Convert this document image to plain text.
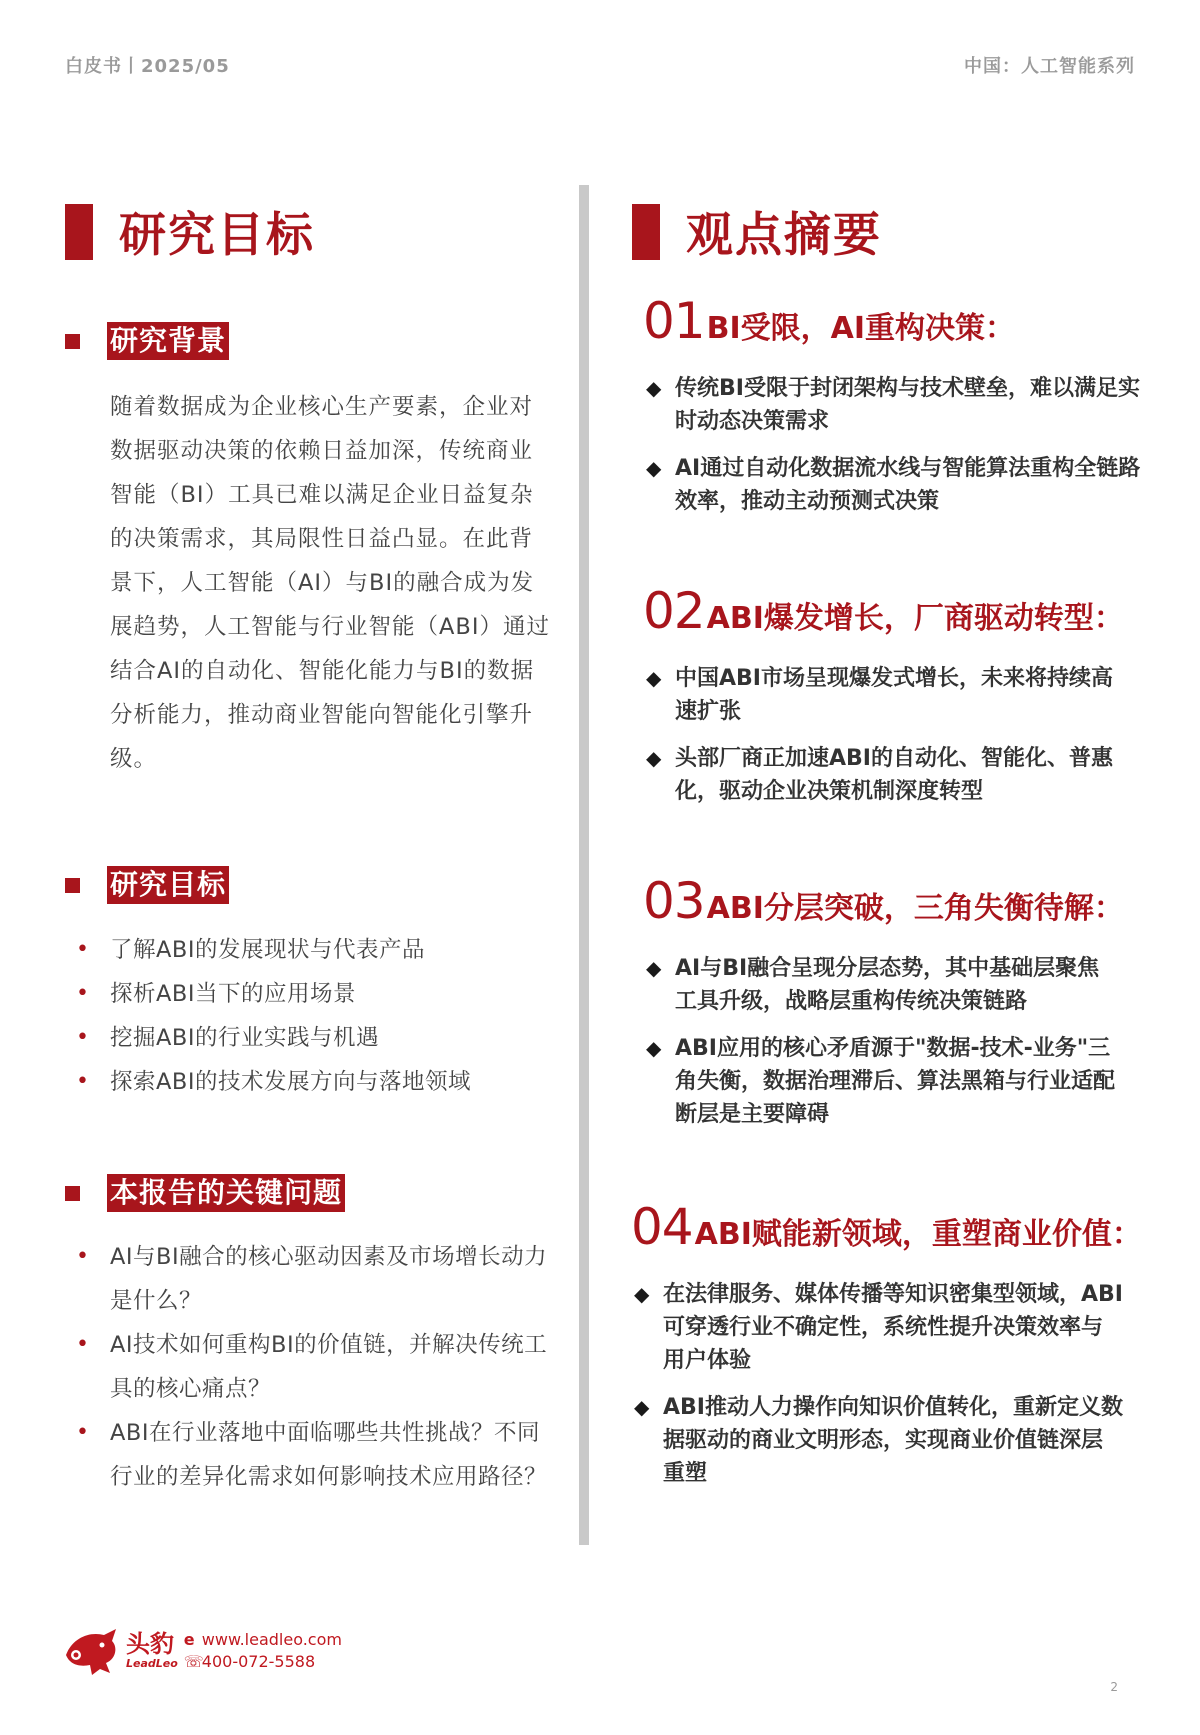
白皮书丨2025/05	中国：人工智能系列
研究目标
研究背景
随着数据成为企业核心生产要素，企业对数据驱动决策的依赖日益加深，传统商业智能（BI）工具已难以满足企业日益复杂的决策需求，其局限性日益凸显。在此背景下，人工智能（AI）与BI的融合成为发展趋势，人工智能与行业智能（ABI）通过结合AI的自动化、智能化能力与BI的数据分析能力，推动商业智能向智能化引擎升级。
研究目标
• 了解ABI的发展现状与代表产品
• 探析ABI当下的应用场景
• 挖掘ABI的行业实践与机遇
• 探索ABI的技术发展方向与落地领域
本报告的关键问题
• AI与BI融合的核心驱动因素及市场增长动力是什么？
• AI技术如何重构BI的价值链，并解决传统工具的核心痛点？
• ABI在行业落地中面临哪些共性挑战？不同行业的差异化需求如何影响技术应用路径？
观点摘要
01 BI受限，AI重构决策：
◆ 传统BI受限于封闭架构与技术壁垒，难以满足实时动态决策需求
◆ AI通过自动化数据流水线与智能算法重构全链路效率，推动主动预测式决策
02 ABI爆发增长，厂商驱动转型：
◆ 中国ABI市场呈现爆发式增长，未来将持续高速扩张
◆ 头部厂商正加速ABI的自动化、智能化、普惠化，驱动企业决策机制深度转型
03 ABI分层突破，三角失衡待解：
◆ AI与BI融合呈现分层态势，其中基础层聚焦工具升级，战略层重构传统决策链路
◆ ABI应用的核心矛盾源于"数据-技术-业务"三角失衡，数据治理滞后、算法黑箱与行业适配断层是主要障碍
04 ABI赋能新领域，重塑商业价值：
◆ 在法律服务、媒体传播等知识密集型领域，ABI可穿透行业不确定性，系统性提升决策效率与用户体验
◆ ABI推动人力操作向知识价值转化，重新定义数据驱动的商业文明形态，实现商业价值链深层重塑
头豹
LeadLeo
e www.leadleo.com
☏400-072-5588
2
